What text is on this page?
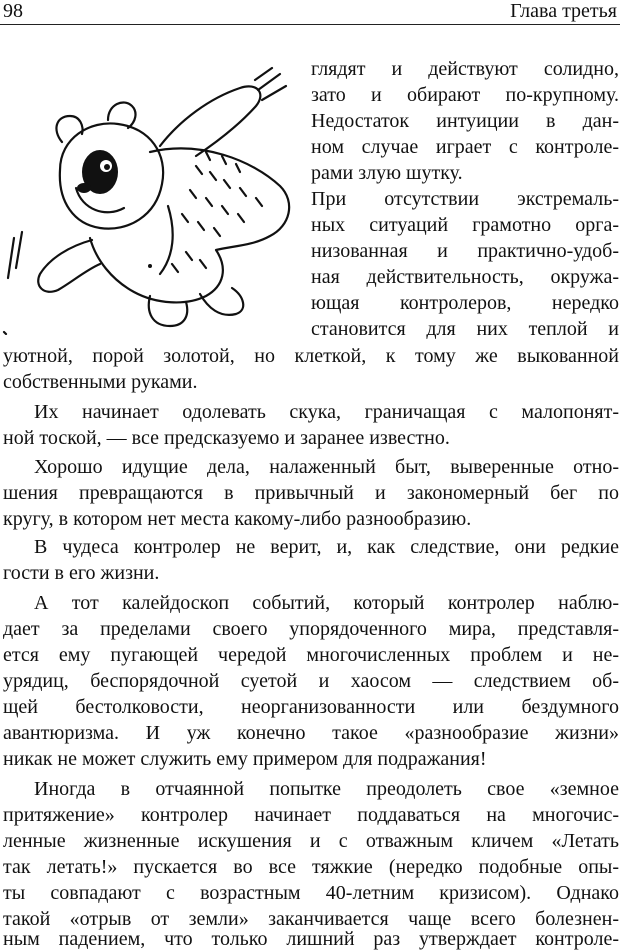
98	Глава третья
глядят и действуют солидно,
зато и обирают по-крупному.
Недостаток интуиции в дан-
ном случае играет с контроле-
рами злую шутку.
При отсутствии экстремаль-
ных ситуаций грамотно орга-
низованная и практично-удоб-
ная действительность, окружа-
ющая контролеров, нередко
становится для них теплой и
уютной, порой золотой, но клеткой, к тому же выкованной
собственными руками.
Их начинает одолевать скука, граничащая с малопонят-
ной тоской, — все предсказуемо и заранее известно.
Хорошо идущие дела, налаженный быт, выверенные отно-
шения превращаются в привычный и закономерный бег по
кругу, в котором нет места какому-либо разнообразию.
В чудеса контролер не верит, и, как следствие, они редкие
гости в его жизни.
А тот калейдоскоп событий, который контролер наблю-
дает за пределами своего упорядоченного мира, представля-
ется ему пугающей чередой многочисленных проблем и не-
урядиц, беспорядочной суетой и хаосом — следствием об-
щей бестолковости, неорганизованности или бездумного
авантюризма. И уж конечно такое «разнообразие жизни»
никак не может служить ему примером для подражания!
Иногда в отчаянной попытке преодолеть свое «земное
притяжение» контролер начинает поддаваться на многочис-
ленные жизненные искушения и с отважным кличем «Летать
так летать!» пускается во все тяжкие (нередко подобные опы-
ты совпадают с возрастным 40-летним кризисом). Однако
такой «отрыв от земли» заканчивается чаще всего болезнен-
ным падением, что только лишний раз утверждает контроле-
